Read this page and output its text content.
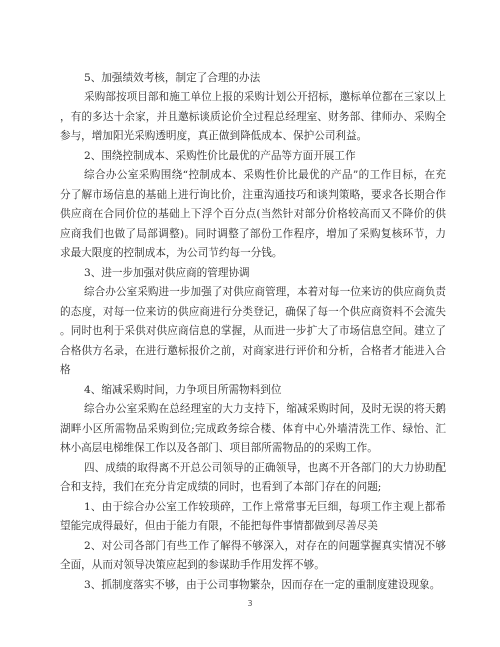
5、加强绩效考核，制定了合理的办法
采购部按项目部和施工单位上报的采购计划公开招标，邀标单位都在三家以上
，有的多达十余家，并且邀标谈质论价全过程总经理室、财务部、律师办、采购全
参与，增加阳光采购透明度，真正做到降低成本、保护公司利益。
2、围绕控制成本、采购性价比最优的产品等方面开展工作
综合办公室采购围绕“控制成本、采购性价比最优的产品”的工作目标，在充
分了解市场信息的基础上进行询比价，注重沟通技巧和谈判策略，要求各长期合作
供应商在合同价位的基础上下浮个百分点(当然针对部分价格较高而又不降价的供
应商我们也做了局部调整)。同时调整了部份工作程序，增加了采购复核环节，力
求最大限度的控制成本，为公司节约每一分钱。
3、进一步加强对供应商的管理协调
综合办公室采购进一步加强了对供应商管理，本着对每一位来访的供应商负责
的态度，对每一位来访的供应商进行分类登记，确保了每一个供应商资料不会流失
。同时也利于采供对供应商信息的掌握，从而进一步扩大了市场信息空间。建立了
合格供方名录，在进行邀标报价之前，对商家进行评价和分析，合格者才能进入合
格
4、缩减采购时间，力争项目所需物料到位
综合办公室采购在总经理室的大力支持下，缩减采购时间，及时无误的将天鹅
湖畔小区所需物品采购到位;完成政务综合楼、体育中心外墙清洗工作、绿怡、汇
林小高层电梯维保工作以及各部门、项目部所需物品的的采购工作。
四、成绩的取得离不开总公司领导的正确领导，也离不开各部门的大力协助配
合和支持，我们在充分肯定成绩的同时，也看到了本部门存在的问题;
1、由于综合办公室工作较琐碎，工作上常常事无巨细，每项工作主观上都希
望能完成得最好，但由于能力有限，不能把每件事情都做到尽善尽美
2、对公司各部门有些工作了解得不够深入，对存在的问题掌握真实情况不够
全面，从而对领导决策应起到的参谋助手作用发挥不够。
3、抓制度落实不够，由于公司事物繁杂，因而存在一定的重制度建设现象。
3
